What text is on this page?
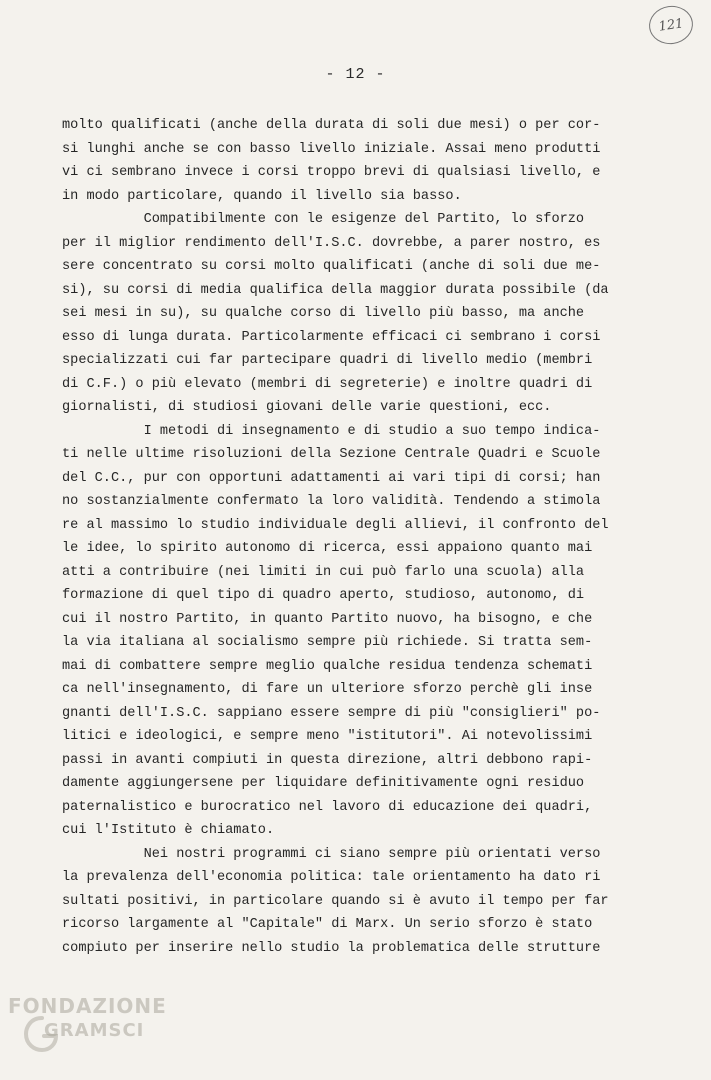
121
- 12 -
molto qualificati (anche della durata di soli due mesi) o per cor-
si lunghi anche se con basso livello iniziale. Assai meno produtti
vi ci sembrano invece i corsi troppo brevi di qualsiasi livello, e
in modo particolare, quando il livello sia basso.
Compatibilmente con le esigenze del Partito, lo sforzo
per il miglior rendimento dell'I.S.C. dovrebbe, a parer nostro, es
sere concentrato su corsi molto qualificati (anche di soli due me-
si), su corsi di media qualifica della maggior durata possibile (da
sei mesi in su), su qualche corso di livello più basso, ma anche
esso di lunga durata. Particolarmente efficaci ci sembrano i corsi
specializzati cui far partecipare quadri di livello medio (membri
di C.F.) o più elevato (membri di segreterie) e inoltre quadri di
giornalisti, di studiosi giovani delle varie questioni, ecc.
I metodi di insegnamento e di studio a suo tempo indica-
ti nelle ultime risoluzioni della Sezione Centrale Quadri e Scuole
del C.C., pur con opportuni adattamenti ai vari tipi di corsi; han
no sostanzialmente confermato la loro validità. Tendendo a stimola
re al massimo lo studio individuale degli allievi, il confronto del
le idee, lo spirito autonomo di ricerca, essi appaiono quanto mai
atti a contribuire (nei limiti in cui può farlo una scuola) alla
formazione di quel tipo di quadro aperto, studioso, autonomo, di
cui il nostro Partito, in quanto Partito nuovo, ha bisogno, e che
la via italiana al socialismo sempre più richiede. Si tratta sem-
mai di combattere sempre meglio qualche residua tendenza schemati
ca nell'insegnamento, di fare un ulteriore sforzo perchè gli inse
gnanti dell'I.S.C. sappiano essere sempre di più "consiglieri" po-
litici e ideologici, e sempre meno "istitutori". Ai notevolissimi
passi in avanti compiuti in questa direzione, altri debbono rapi-
damente aggiungersene per liquidare definitivamente ogni residuo
paternalistico e burocratico nel lavoro di educazione dei quadri,
cui l'Istituto è chiamato.
Nei nostri programmi ci siano sempre più orientati verso
la prevalenza dell'economia politica: tale orientamento ha dato ri
sultati positivi, in particolare quando si è avuto il tempo per far
ricorso largamente al "Capitale" di Marx. Un serio sforzo è stato
compiuto per inserire nello studio la problematica delle strutture
FONDAZIONE
GRAMSCI
